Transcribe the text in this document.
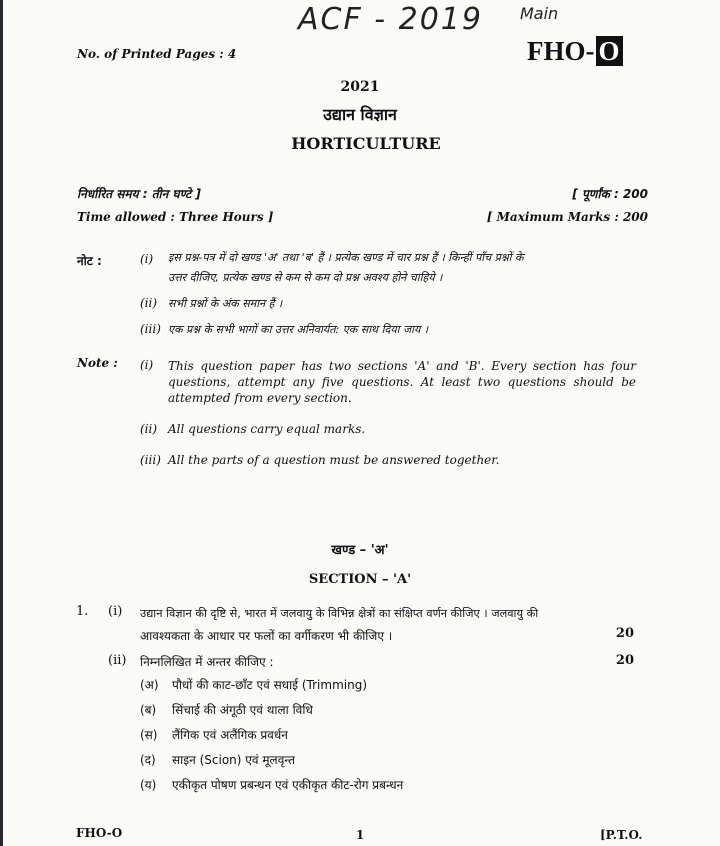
ACF - 2019 Main
No. of Printed Pages : 4	FHO- O
2021
उद्यान विज्ञान
HORTICULTURE
निर्धारित समय : तीन घण्टे ]	[ पूर्णांक : 200
Time allowed : Three Hours ]	[ Maximum Marks : 200
नोट :	(i) इस प्रश्न-पत्र में दो खण्ड 'अ' तथा 'ब' हैं । प्रत्येक खण्ड में चार प्रश्न हैं । किन्हीं पाँच प्रश्नों के
उत्तर दीजिए, प्रत्येक खण्ड से कम से कम दो प्रश्न अवश्य होने चाहिये ।
(ii) सभी प्रश्नों के अंक समान हैं ।
(iii) एक प्रश्न के सभी भागों का उत्तर अनिवार्यत: एक साथ दिया जाय ।
Note : (i) This question paper has two sections 'A' and 'B'. Every section has four
questions, attempt any five questions. At least two questions should be
attempted from every section.
(ii) All questions carry equal marks.
(iii) All the parts of a question must be answered together.
खण्ड – 'अ'
SECTION – 'A'
1. (i) उद्यान विज्ञान की दृष्टि से, भारत में जलवायु के विभिन्न क्षेत्रों का संक्षिप्त वर्णन कीजिए । जलवायु की
आवश्यकता के आधार पर फलों का वर्गीकरण भी कीजिए ।	20
(ii) निम्नलिखित में अन्तर कीजिए :	20
(अ)	पौधों की काट-छाँट एवं सधाई (Trimming)
(ब)	सिंचाई की अंगूठी एवं थाला विधि
(स)	लैंगिक एवं अलैंगिक प्रवर्धन
(द)	साइन (Scion) एवं मूलवृन्त
(य)	एकीकृत पोषण प्रबन्धन एवं एकीकृत कीट-रोग प्रबन्धन
FHO-O	1	[P.T.O.
